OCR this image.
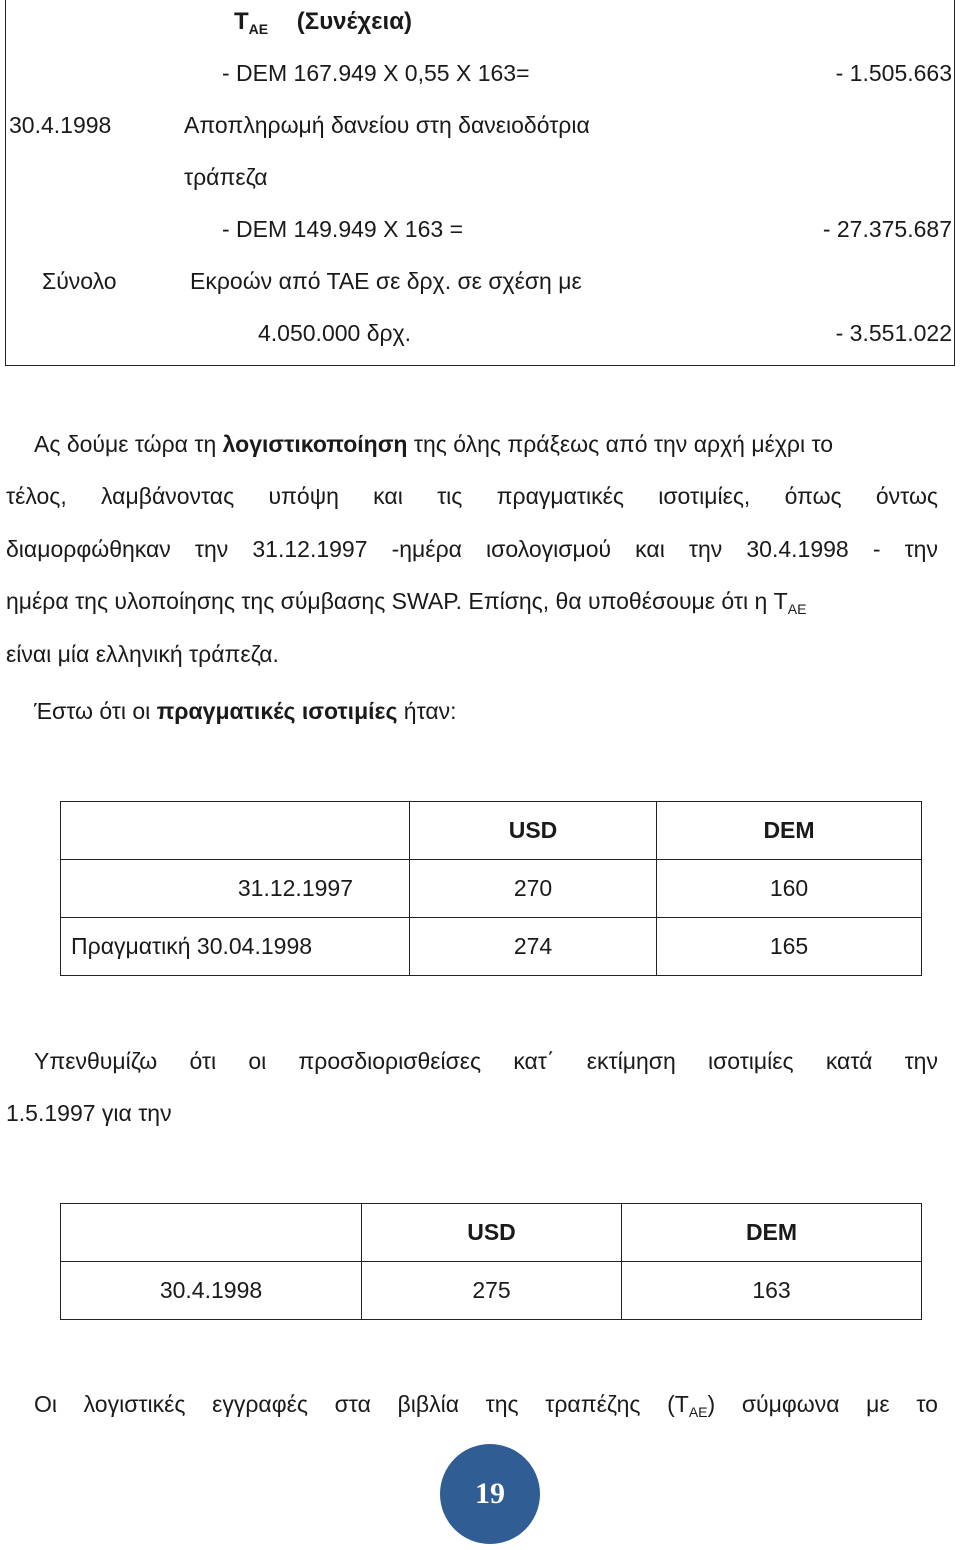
$T_{AE}$ (Συνέχεια)
- DEM 167.949 X 0,55 X 163=	- 1.505.663
30.4.1998	Αποπληρωμή δανείου στη δανειοδότρια
τράπεζα
- DEM 149.949 X 163 =	- 27.375.687
Σύνολο	Εκροών από ΤΑΕ σε δρχ. σε σχέση με
4.050.000 δρχ.	- 3.551.022
Ας δούμε τώρα τη λογιστικοποίηση της όλης πράξεως από την αρχή μέχρι το
τέλος, λαμβάνοντας υπόψη και τις πραγματικές ισοτιμίες, όπως όντως
διαμορφώθηκαν την 31.12.1997 -ημέρα ισολογισμού και την 30.4.1998 - την
ημέρα της υλοποίησης της σύμβασης SWAP. Επίσης, θα υποθέσουμε ότι η $T_{AE}$
είναι μία ελληνική τράπεζα.
Έστω ότι οι πραγματικές ισοτιμίες ήταν:
	USD	DEM
31.12.1997	270	160
Πραγματική 30.04.1998	274	165
Υπενθυμίζω ότι οι προσδιορισθείσες κατ΄ εκτίμηση ισοτιμίες κατά την
1.5.1997 για την
	USD	DEM
30.4.1998	275	163
Οι λογιστικές εγγραφές στα βιβλία της τραπέζης $(T_{AE})$ σύμφωνα με το
19
